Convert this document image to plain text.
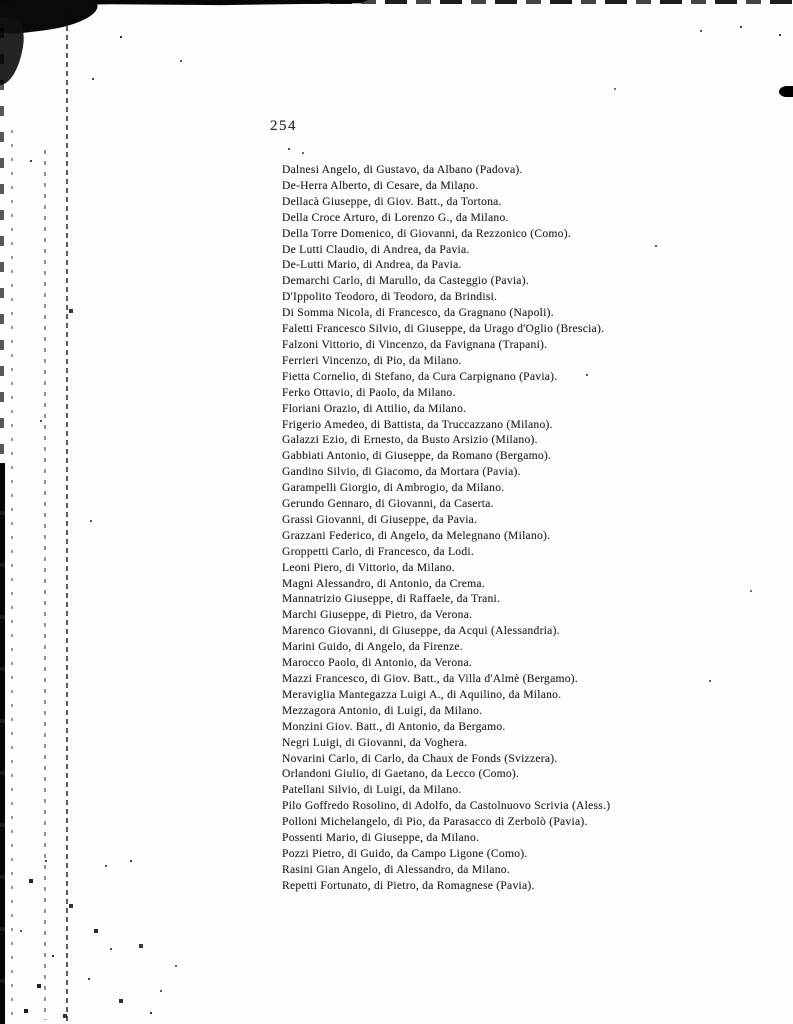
254
Dalnesi Angelo, di Gustavo, da Albano (Padova).
De-Herra Alberto, di Cesare, da Milano.
Dellacà Giuseppe, di Giov. Batt., da Tortona.
Della Croce Arturo, di Lorenzo G., da Milano.
Della Torre Domenico, di Giovanni, da Rezzonico (Como).
De Lutti Claudio, di Andrea, da Pavia.
De-Lutti Mario, di Andrea, da Pavia.
Demarchi Carlo, di Marullo, da Casteggio (Pavia).
D'Ippolito Teodoro, di Teodoro, da Brindisi.
Di Somma Nicola, di Francesco, da Gragnano (Napoli).
Faletti Francesco Silvio, di Giuseppe, da Urago d'Oglio (Brescia).
Falzoni Vittorio, di Vincenzo, da Favignana (Trapani).
Ferrieri Vincenzo, di Pio, da Milano.
Fietta Cornelio, di Stefano, da Cura Carpignano (Pavia).
Ferko Ottavio, di Paolo, da Milano.
Floriani Orazio, di Attilio, da Milano.
Frigerio Amedeo, di Battista, da Truccazzano (Milano).
Galazzi Ezio, di Ernesto, da Busto Arsizio (Milano).
Gabbiati Antonio, di Giuseppe, da Romano (Bergamo).
Gandino Silvio, di Giacomo, da Mortara (Pavia).
Garampelli Giorgio, di Ambrogio, da Milano.
Gerundo Gennaro, di Giovanni, da Caserta.
Grassi Giovanni, di Giuseppe, da Pavia.
Grazzani Federico, di Angelo, da Melegnano (Milano).
Groppetti Carlo, di Francesco, da Lodi.
Leoni Piero, di Vittorio, da Milano.
Magni Alessandro, di Antonio, da Crema.
Mannatrizio Giuseppe, di Raffaele, da Trani.
Marchi Giuseppe, di Pietro, da Verona.
Marenco Giovanni, di Giuseppe, da Acqui (Alessandria).
Marini Guido, di Angelo, da Firenze.
Marocco Paolo, di Antonio, da Verona.
Mazzi Francesco, di Giov. Batt., da Villa d'Almè (Bergamo).
Meraviglia Mantegazza Luigi A., di Aquilino, da Milano.
Mezzagora Antonio, di Luigi, da Milano.
Monzini Giov. Batt., di Antonio, da Bergamo.
Negri Luigi, di Giovanni, da Voghera.
Novarini Carlo, di Carlo, da Chaux de Fonds (Svizzera).
Orlandoni Giulio, di Gaetano, da Lecco (Como).
Patellani Silvio, di Luigi, da Milano.
Pilo Goffredo Rosolino, di Adolfo, da Castolnuovo Scrivia (Aless.)
Polloni Michelangelo, di Pio, da Parasacco di Zerbolò (Pavia).
Possenti Mario, di Giuseppe, da Milano.
Pozzi Pietro, di Guido, da Campo Ligone (Como).
Rasini Gian Angelo, di Alessandro, da Milano.
Repetti Fortunato, di Pietro, da Romagnese (Pavia).
